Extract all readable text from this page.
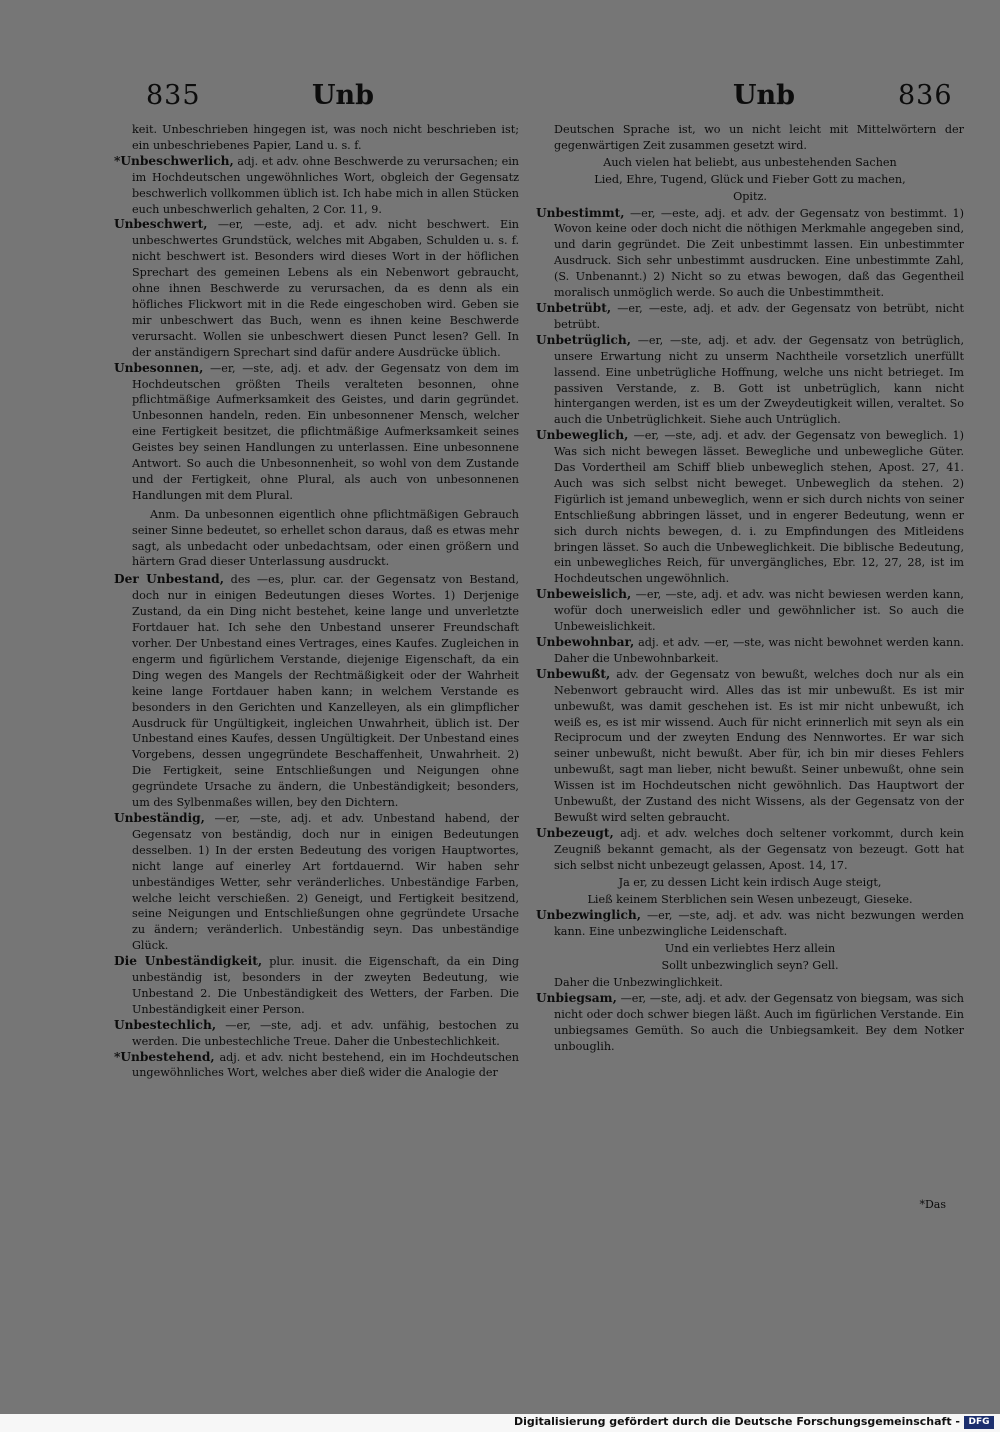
835	Unb	Unb	836

keit. Unbeschrieben hingegen ist, was noch nicht beschrieben ist; ein unbeschriebenes Papier, Land u. s. f.

*Unbeschwerlich, adj. et adv. ohne Beschwerde zu verursachen; ein im Hochdeutschen ungewöhnliches Wort, obgleich der Gegensatz beschwerlich vollkommen üblich ist. Ich habe mich in allen Stücken euch unbeschwerlich gehalten, 2 Cor. 11, 9.

Unbeschwert, —er, —este, adj. et adv. nicht beschwert. Ein unbeschwertes Grundstück, welches mit Abgaben, Schulden u. s. f. nicht beschwert ist. Besonders wird dieses Wort in der höflichen Sprechart des gemeinen Lebens als ein Nebenwort gebraucht, ohne ihnen Beschwerde zu verursachen, da es denn als ein höfliches Flickwort mit in die Rede eingeschoben wird. Geben sie mir unbeschwert das Buch, wenn es ihnen keine Beschwerde verursacht. Wollen sie unbeschwert diesen Punct lesen? Gell. In der anständigern Sprechart sind dafür andere Ausdrücke üblich.

Unbesonnen, —er, —ste, adj. et adv. der Gegensatz von dem im Hochdeutschen größten Theils veralteten besonnen, ohne pflichtmäßige Aufmerksamkeit des Geistes, und darin gegründet. Unbesonnen handeln, reden. Ein unbesonnener Mensch, welcher eine Fertigkeit besitzet, die pflichtmäßige Aufmerksamkeit seines Geistes bey seinen Handlungen zu unterlassen. Eine unbesonnene Antwort. So auch die Unbesonnenheit, so wohl von dem Zustande und der Fertigkeit, ohne Plural, als auch von unbesonnenen Handlungen mit dem Plural.

Anm. Da unbesonnen eigentlich ohne pflichtmäßigen Gebrauch seiner Sinne bedeutet, so erhellet schon daraus, daß es etwas mehr sagt, als unbedacht oder unbedachtsam, oder einen größern und härtern Grad dieser Unterlassung ausdruckt.

Der Unbestand, des —es, plur. car. der Gegensatz von Bestand, doch nur in einigen Bedeutungen dieses Wortes. 1) Derjenige Zustand, da ein Ding nicht bestehet, keine lange und unverletzte Fortdauer hat. Ich sehe den Unbestand unserer Freundschaft vorher. Der Unbestand eines Vertrages, eines Kaufes. Zugleichen in engerm und figürlichem Verstande, diejenige Eigenschaft, da ein Ding wegen des Mangels der Rechtmäßigkeit oder der Wahrheit keine lange Fortdauer haben kann; in welchem Verstande es besonders in den Gerichten und Kanzelleyen, als ein glimpflicher Ausdruck für Ungültigkeit, ingleichen Unwahrheit, üblich ist. Der Unbestand eines Kaufes, dessen Ungültigkeit. Der Unbestand eines Vorgebens, dessen ungegründete Beschaffenheit, Unwahrheit. 2) Die Fertigkeit, seine Entschließungen und Neigungen ohne gegründete Ursache zu ändern, die Unbeständigkeit; besonders, um des Sylbenmaßes willen, bey den Dichtern.

Unbeständig, —er, —ste, adj. et adv. Unbestand habend, der Gegensatz von beständig, doch nur in einigen Bedeutungen desselben. 1) In der ersten Bedeutung des vorigen Hauptwortes, nicht lange auf einerley Art fortdauernd. Wir haben sehr unbeständiges Wetter, sehr veränderliches. Unbeständige Farben, welche leicht verschießen. 2) Geneigt, und Fertigkeit besitzend, seine Neigungen und Entschließungen ohne gegründete Ursache zu ändern; veränderlich. Unbeständig seyn. Das unbeständige Glück.

Die Unbeständigkeit, plur. inusit. die Eigenschaft, da ein Ding unbeständig ist, besonders in der zweyten Bedeutung, wie Unbestand 2. Die Unbeständigkeit des Wetters, der Farben. Die Unbeständigkeit einer Person.

Unbestechlich, —er, —ste, adj. et adv. unfähig, bestochen zu werden. Die unbestechliche Treue. Daher die Unbestechlichkeit.

*Unbestehend, adj. et adv. nicht bestehend, ein im Hochdeutschen ungewöhnliches Wort, welches aber dieß wider die Analogie der

Deutschen Sprache ist, wo un nicht leicht mit Mittelwörtern der gegenwärtigen Zeit zusammen gesetzt wird.

Auch vielen hat beliebt, aus unbestehenden Sachen

Lied, Ehre, Tugend, Glück und Fieber Gott zu machen,

Opitz.

Unbestimmt, —er, —este, adj. et adv. der Gegensatz von bestimmt. 1) Wovon keine oder doch nicht die nöthigen Merkmahle angegeben sind, und darin gegründet. Die Zeit unbestimmt lassen. Ein unbestimmter Ausdruck. Sich sehr unbestimmt ausdrucken. Eine unbestimmte Zahl, (S. Unbenannt.) 2) Nicht so zu etwas bewogen, daß das Gegentheil moralisch unmöglich werde. So auch die Unbestimmtheit.

Unbetrübt, —er, —este, adj. et adv. der Gegensatz von betrübt, nicht betrübt.

Unbetrüglich, —er, —ste, adj. et adv. der Gegensatz von betrüglich, unsere Erwartung nicht zu unserm Nachtheile vorsetzlich unerfüllt lassend. Eine unbetrügliche Hoffnung, welche uns nicht betrieget. Im passiven Verstande, z. B. Gott ist unbetrüglich, kann nicht hintergangen werden, ist es um der Zweydeutigkeit willen, veraltet. So auch die Unbetrüglichkeit. Siehe auch Untrüglich.

Unbeweglich, —er, —ste, adj. et adv. der Gegensatz von beweglich. 1) Was sich nicht bewegen lässet. Bewegliche und unbewegliche Güter. Das Vordertheil am Schiff blieb unbeweglich stehen, Apost. 27, 41. Auch was sich selbst nicht beweget. Unbeweglich da stehen. 2) Figürlich ist jemand unbeweglich, wenn er sich durch nichts von seiner Entschließung abbringen lässet, und in engerer Bedeutung, wenn er sich durch nichts bewegen, d. i. zu Empfindungen des Mitleidens bringen lässet. So auch die Unbeweglichkeit. Die biblische Bedeutung, ein unbewegliches Reich, für unvergängliches, Ebr. 12, 27, 28, ist im Hochdeutschen ungewöhnlich.

Unbeweislich, —er, —ste, adj. et adv. was nicht bewiesen werden kann, wofür doch unerweislich edler und gewöhnlicher ist. So auch die Unbeweislichkeit.

Unbewohnbar, adj. et adv. —er, —ste, was nicht bewohnet werden kann. Daher die Unbewohnbarkeit.

Unbewußt, adv. der Gegensatz von bewußt, welches doch nur als ein Nebenwort gebraucht wird. Alles das ist mir unbewußt. Es ist mir unbewußt, was damit geschehen ist. Es ist mir nicht unbewußt, ich weiß es, es ist mir wissend. Auch für nicht erinnerlich mit seyn als ein Reciprocum und der zweyten Endung des Nennwortes. Er war sich seiner unbewußt, nicht bewußt. Aber für, ich bin mir dieses Fehlers unbewußt, sagt man lieber, nicht bewußt. Seiner unbewußt, ohne sein Wissen ist im Hochdeutschen nicht gewöhnlich. Das Hauptwort der Unbewußt, der Zustand des nicht Wissens, als der Gegensatz von der Bewußt wird selten gebraucht.

Unbezeugt, adj. et adv. welches doch seltener vorkommt, durch kein Zeugniß bekannt gemacht, als der Gegensatz von bezeugt. Gott hat sich selbst nicht unbezeugt gelassen, Apost. 14, 17.

Ja er, zu dessen Licht kein irdisch Auge steigt,

Ließ keinem Sterblichen sein Wesen unbezeugt, Gieseke.

Unbezwinglich, —er, —ste, adj. et adv. was nicht bezwungen werden kann. Eine unbezwingliche Leidenschaft.

Und ein verliebtes Herz allein

Sollt unbezwinglich seyn? Gell.

Daher die Unbezwinglichkeit.

Unbiegsam, —er, —ste, adj. et adv. der Gegensatz von biegsam, was sich nicht oder doch schwer biegen läßt. Auch im figürlichen Verstande. Ein unbiegsames Gemüth. So auch die Unbiegsamkeit. Bey dem Notker unbouglih.

*Das
Digitalisierung gefördert durch die Deutsche Forschungsgemeinschaft - DFG
